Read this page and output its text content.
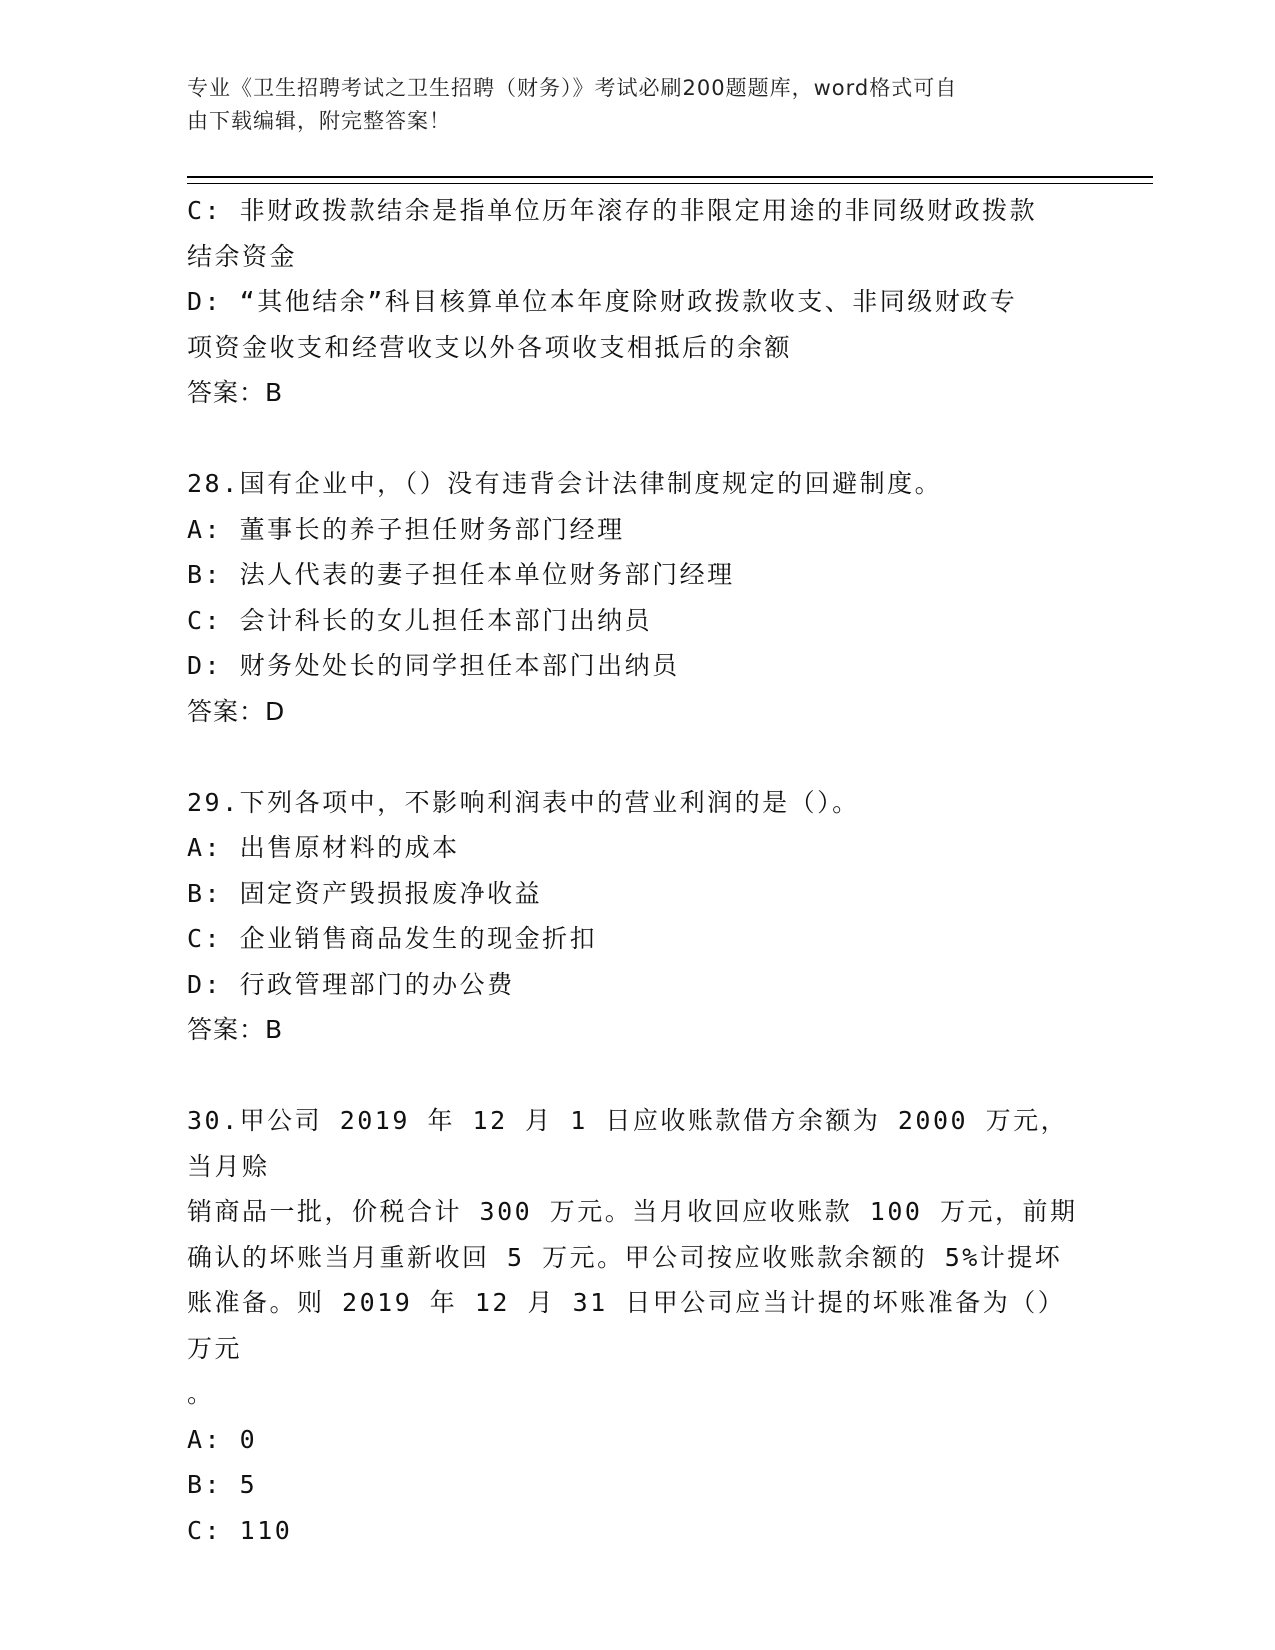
专业《卫生招聘考试之卫生招聘（财务）》考试必刷200题题库，word格式可自
由下载编辑，附完整答案！
C: 非财政拨款结余是指单位历年滚存的非限定用途的非同级财政拨款
结余资金
D: “其他结余”科目核算单位本年度除财政拨款收支、非同级财政专
项资金收支和经营收支以外各项收支相抵后的余额
答案：B
28.国有企业中，（）没有违背会计法律制度规定的回避制度。
A: 董事长的养子担任财务部门经理
B: 法人代表的妻子担任本单位财务部门经理
C: 会计科长的女儿担任本部门出纳员
D: 财务处处长的同学担任本部门出纳员
答案：D
29.下列各项中，不影响利润表中的营业利润的是（）。
A: 出售原材料的成本
B: 固定资产毁损报废净收益
C: 企业销售商品发生的现金折扣
D: 行政管理部门的办公费
答案：B
30.甲公司 2019 年 12 月 1 日应收账款借方余额为 2000 万元，当月赊
销商品一批，价税合计 300 万元。当月收回应收账款 100 万元，前期
确认的坏账当月重新收回 5 万元。甲公司按应收账款余额的 5%计提坏
账准备。则 2019 年 12 月 31 日甲公司应当计提的坏账准备为（）万元
。
A: 0
B: 5
C: 110
